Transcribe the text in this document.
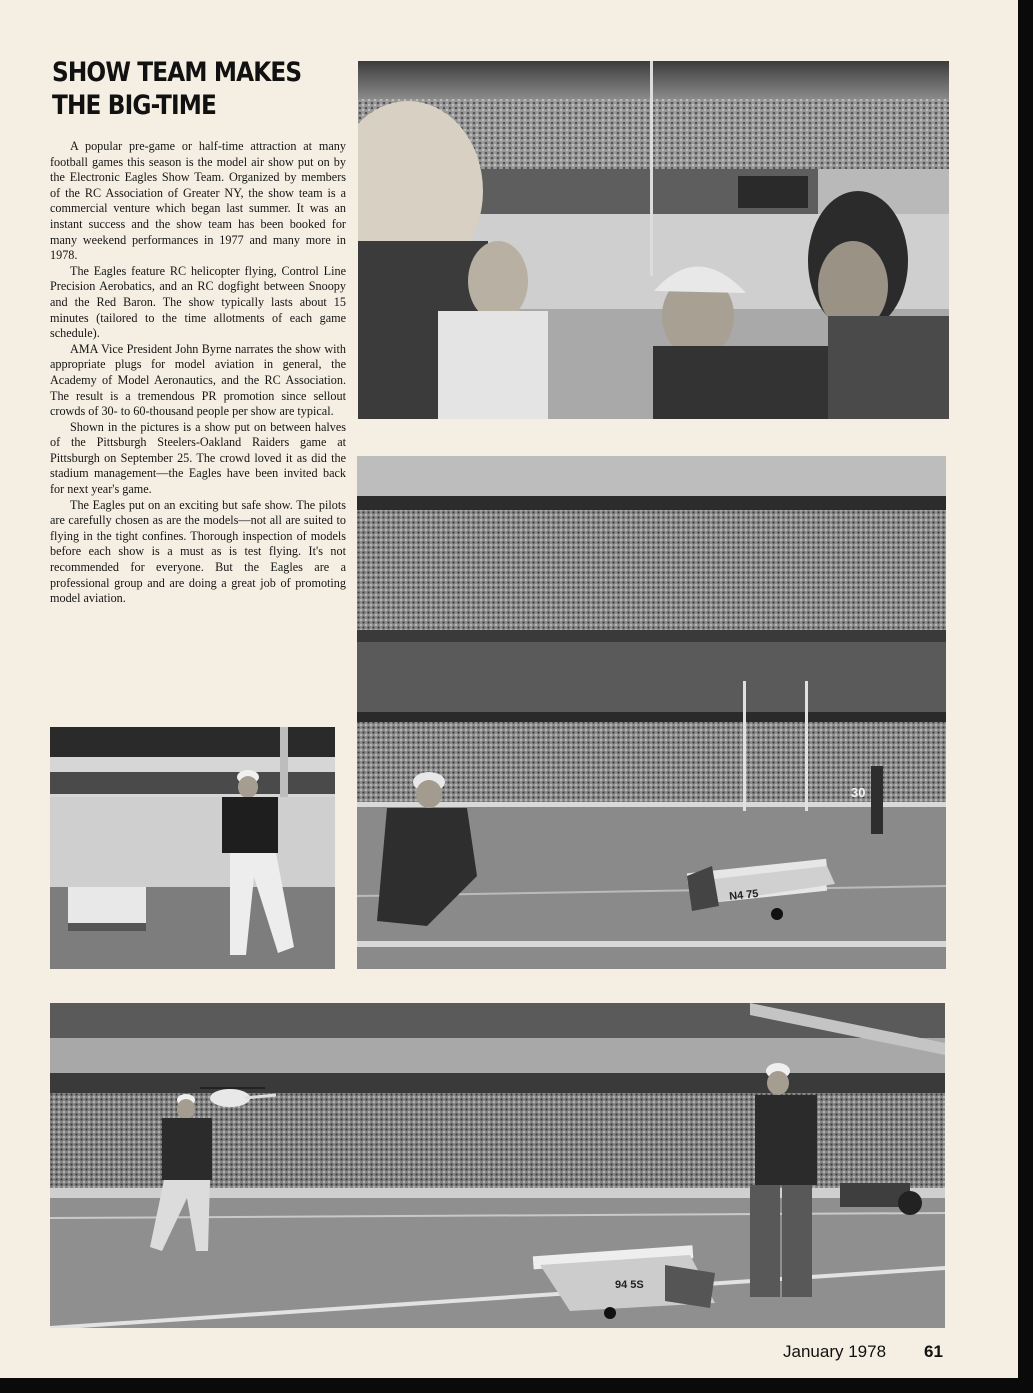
SHOW TEAM MAKES
THE BIG-TIME

A popular pre-game or half-time attraction at many football games this season is the model air show put on by the Electronic Eagles Show Team. Organized by members of the RC Association of Greater NY, the show team is a commercial venture which began last summer. It was an instant success and the show team has been booked for many weekend performances in 1977 and many more in 1978.

The Eagles feature RC helicopter flying, Control Line Precision Aerobatics, and an RC dogfight between Snoopy and the Red Baron. The show typically lasts about 15 minutes (tailored to the time allotments of each game schedule).

AMA Vice President John Byrne narrates the show with appropriate plugs for model aviation in general, the Academy of Model Aeronautics, and the RC Association. The result is a tremendous PR promotion since sellout crowds of 30- to 60-thousand people per show are typical.

Shown in the pictures is a show put on between halves of the Pittsburgh Steelers-Oakland Raiders game at Pittsburgh on September 25. The crowd loved it as did the stadium management—the Eagles have been invited back for next year's game.

The Eagles put on an exciting but safe show. The pilots are carefully chosen as are the models—not all are suited to flying in the tight confines. Thorough inspection of models before each show is a must as is test flying. It's not recommended for everyone. But the Eagles are a professional group and are doing a great job of promoting model aviation.

30
N4 75
94 5S
January 1978 61
